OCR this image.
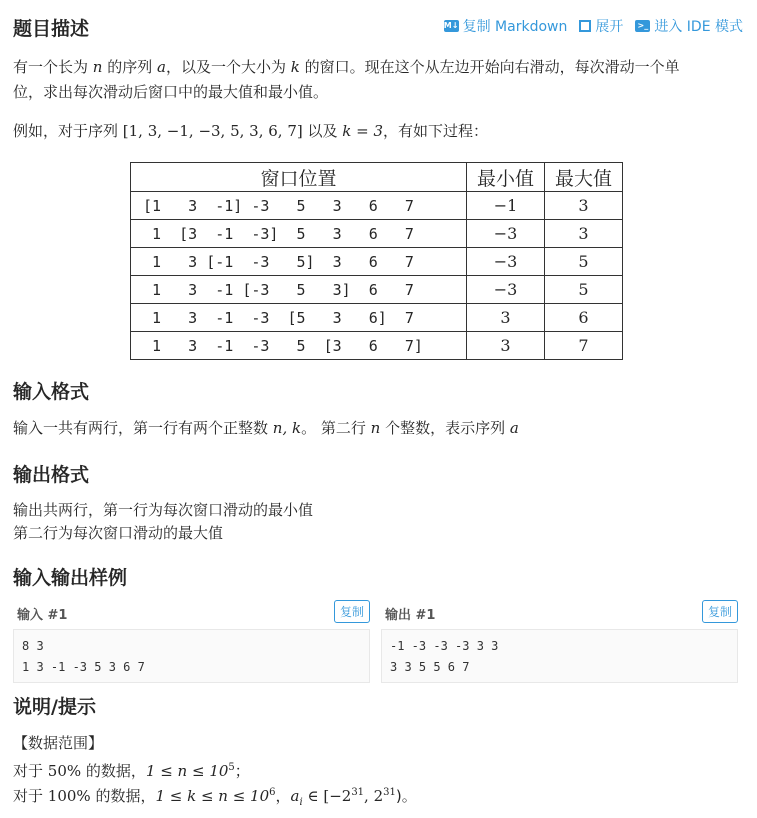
题目描述	M↓ 复制 Markdown 展开 >_ 进入 IDE 模式
有一个长为 n 的序列 a，以及一个大小为 k 的窗口。现在这个从左边开始向右滑动，每次滑动一个单
位，求出每次滑动后窗口中的最大值和最小值。
例如，对于序列 [1, 3, −1, −3, 5, 3, 6, 7] 以及 k = 3，有如下过程：
窗口位置	最小值	最大值
[1   3  -1] -3   5   3   6   7	−1	3
1  [3  -1  -3]  5   3   6   7	−3	3
1   3 [-1  -3   5]  3   6   7	−3	5
1   3  -1 [-3   5   3]  6   7	−3	5
1   3  -1  -3  [5   3   6]  7	3	6
1   3  -1  -3   5  [3   6   7]	3	7
输入格式
输入一共有两行，第一行有两个正整数 n, k。 第二行 n 个整数，表示序列 a
输出格式
输出共两行，第一行为每次窗口滑动的最小值
第二行为每次窗口滑动的最大值
输入输出样例
输入 #1	复制
8 3
1 3 -1 -3 5 3 6 7
输出 #1	复制
-1 -3 -3 -3 3 3
3 3 5 5 6 7
说明/提示
【数据范围】
对于 50% 的数据，$1 \le n \le 10^5$；
对于 100% 的数据，$1 \le k \le n \le 10^6$，$a_i$ ∈ [$-2^{31}$, $2^{31}$)。
